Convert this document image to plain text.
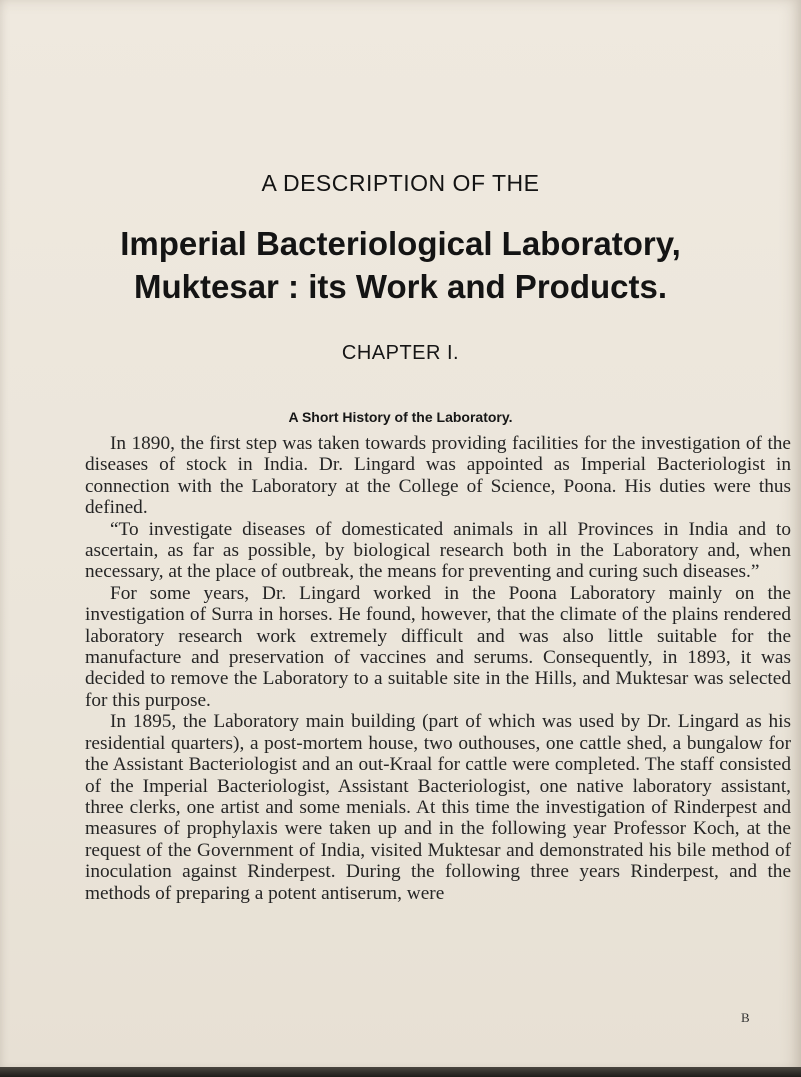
A DESCRIPTION OF THE
Imperial Bacteriological Laboratory,
Muktesar : its Work and Products.
CHAPTER I.
A Short History of the Laboratory.

In 1890, the first step was taken towards providing facilities for the investigation of the diseases of stock in India. Dr. Lingard was appointed as Imperial Bacteriologist in connection with the Laboratory at the College of Science, Poona. His duties were thus defined.

“To investigate diseases of domesticated animals in all Provinces in India and to ascertain, as far as possible, by biological research both in the Laboratory and, when necessary, at the place of outbreak, the means for preventing and curing such diseases.”

For some years, Dr. Lingard worked in the Poona Laboratory mainly on the investigation of Surra in horses. He found, however, that the climate of the plains rendered laboratory research work extremely difficult and was also little suitable for the manufacture and preservation of vaccines and serums. Consequently, in 1893, it was decided to remove the Laboratory to a suitable site in the Hills, and Muktesar was selected for this purpose.

In 1895, the Laboratory main building (part of which was used by Dr. Lingard as his residential quarters), a post-mortem house, two outhouses, one cattle shed, a bungalow for the Assistant Bacteriologist and an out-Kraal for cattle were completed. The staff consisted of the Imperial Bacteriologist, Assistant Bacteriologist, one native laboratory assistant, three clerks, one artist and some menials. At this time the investigation of Rinderpest and measures of prophylaxis were taken up and in the following year Professor Koch, at the request of the Government of India, visited Muktesar and demonstrated his bile method of inoculation against Rinderpest. During the following three years Rinderpest, and the methods of preparing a potent antiserum, were

B
